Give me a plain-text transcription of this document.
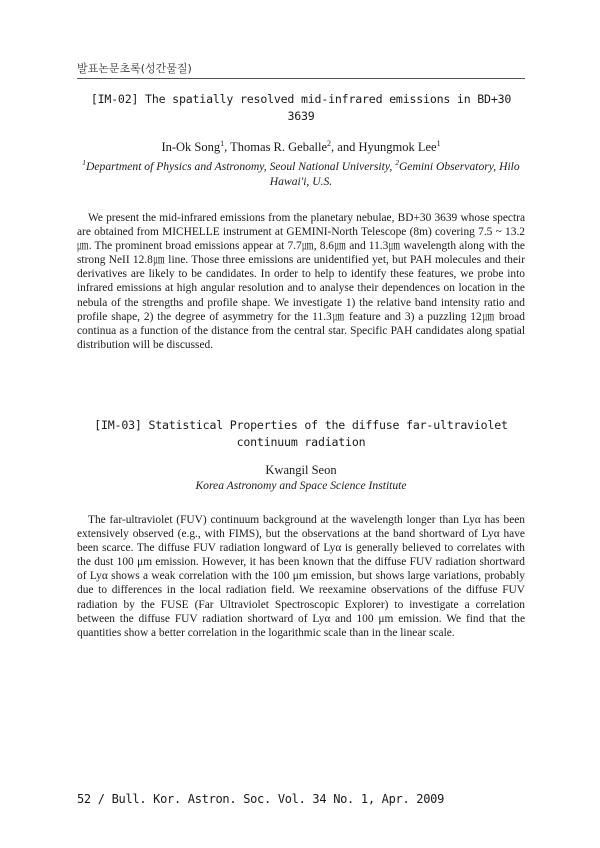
발표논문초록(성간물질)

[IM-02] The spatially resolved mid-infrared emissions in BD+30 3639

In-Ok Song$^1$, Thomas R. Geballe$^2$, and Hyungmok Lee$^1$

$^1$Department of Physics and Astronomy, Seoul National University, $^2$Gemini Observatory, Hilo Hawai'i, U.S.

We present the mid-infrared emissions from the planetary nebulae, BD+30 3639 whose spectra are obtained from MICHELLE instrument at GEMINI-North Telescope (8m) covering 7.5 ~ 13.2㎛. The prominent broad emissions appear at 7.7㎛, 8.6㎛ and 11.3㎛ wavelength along with the strong NeII 12.8㎛ line. Those three emissions are unidentified yet, but PAH molecules and their derivatives are likely to be candidates. In order to help to identify these features, we probe into infrared emissions at high angular resolution and to analyse their dependences on location in the nebula of the strengths and profile shape. We investigate 1) the relative band intensity ratio and profile shape, 2) the degree of asymmetry for the 11.3㎛ feature and 3) a puzzling 12㎛ broad continua as a function of the distance from the central star. Specific PAH candidates along spatial distribution will be discussed.

[IM-03] Statistical Properties of the diffuse far-ultraviolet continuum radiation

Kwangil Seon

Korea Astronomy and Space Science Institute

The far-ultraviolet (FUV) continuum background at the wavelength longer than Lyα has been extensively observed (e.g., with FIMS), but the observations at the band shortward of Lyα have been scarce. The diffuse FUV radiation longward of Lyα is generally believed to correlates with the dust 100 μm emission. However, it has been known that the diffuse FUV radiation shortward of Lyα shows a weak correlation with the 100 μm emission, but shows large variations, probably due to differences in the local radiation field. We reexamine observations of the diffuse FUV radiation by the FUSE (Far Ultraviolet Spectroscopic Explorer) to investigate a correlation between the diffuse FUV radiation shortward of Lyα and 100 μm emission. We find that the quantities show a better correlation in the logarithmic scale than in the linear scale.

52 / Bull. Kor. Astron. Soc. Vol. 34 No. 1, Apr. 2009
